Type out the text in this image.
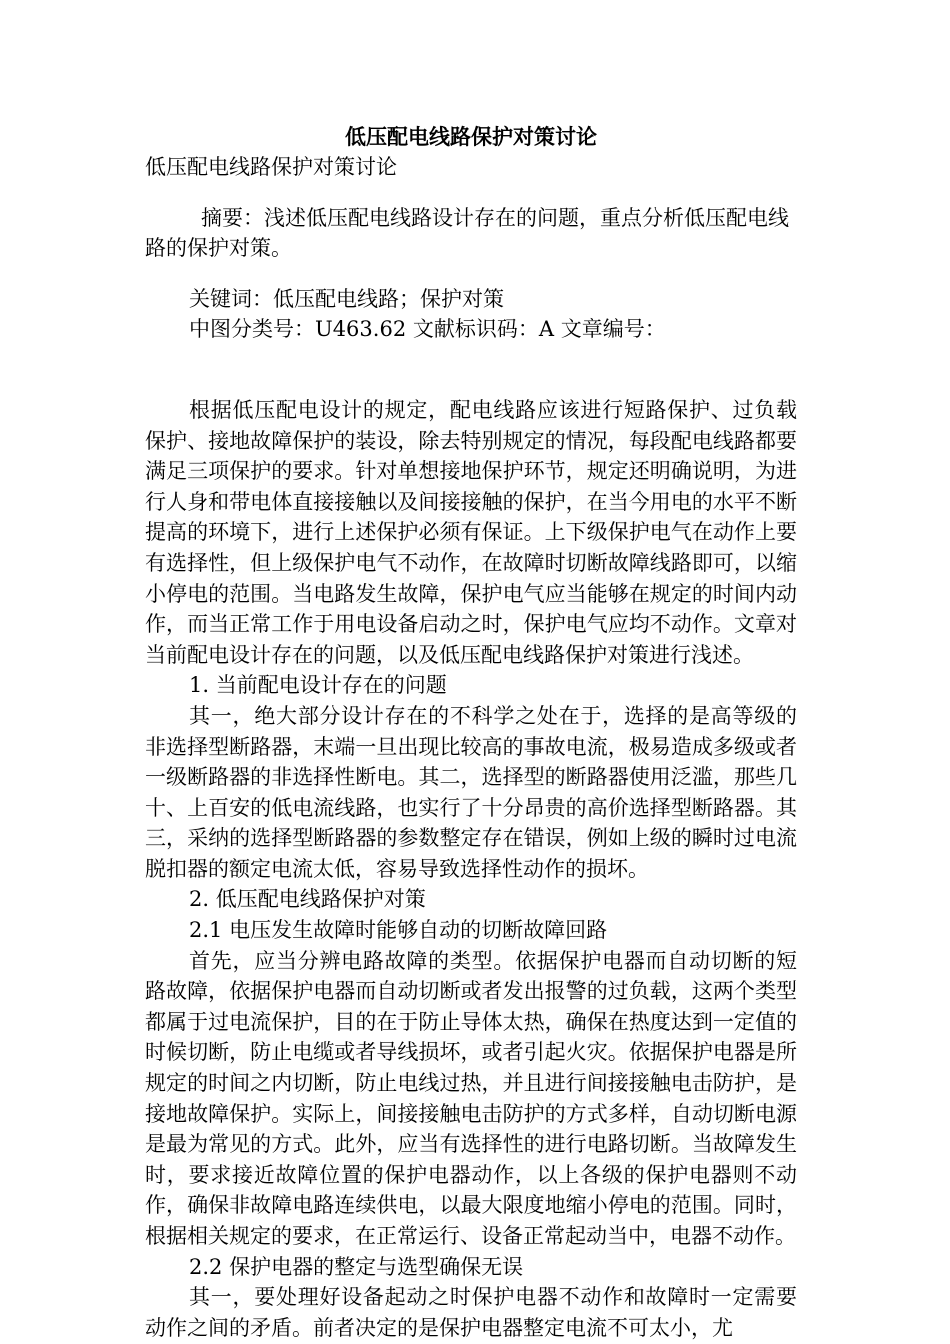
低压配电线路保护对策讨论

低压配电线路保护对策讨论

摘要：浅述低压配电线路设计存在的问题，重点分析低压配电线路的保护对策。

关键词：低压配电线路；保护对策

中图分类号：U463.62 文献标识码：A 文章编号：

根据低压配电设计的规定，配电线路应该进行短路保护、过负载保护、接地故障保护的装设，除去特别规定的情况，每段配电线路都要满足三项保护的要求。针对单想接地保护环节，规定还明确说明，为进行人身和带电体直接接触以及间接接触的保护，在当今用电的水平不断提高的环境下，进行上述保护必须有保证。上下级保护电气在动作上要有选择性，但上级保护电气不动作，在故障时切断故障线路即可，以缩小停电的范围。当电路发生故障，保护电气应当能够在规定的时间内动作，而当正常工作于用电设备启动之时，保护电气应均不动作。文章对当前配电设计存在的问题，以及低压配电线路保护对策进行浅述。

1. 当前配电设计存在的问题

其一，绝大部分设计存在的不科学之处在于，选择的是高等级的非选择型断路器，末端一旦出现比较高的事故电流，极易造成多级或者一级断路器的非选择性断电。其二，选择型的断路器使用泛滥，那些几十、上百安的低电流线路，也实行了十分昂贵的高价选择型断路器。其三，采纳的选择型断路器的参数整定存在错误，例如上级的瞬时过电流脱扣器的额定电流太低，容易导致选择性动作的损坏。

2. 低压配电线路保护对策

2.1 电压发生故障时能够自动的切断故障回路

首先，应当分辨电路故障的类型。依据保护电器而自动切断的短路故障，依据保护电器而自动切断或者发出报警的过负载，这两个类型都属于过电流保护，目的在于防止导体太热，确保在热度达到一定值的时候切断，防止电缆或者导线损坏，或者引起火灾。依据保护电器是所规定的时间之内切断，防止电线过热，并且进行间接接触电击防护，是接地故障保护。实际上，间接接触电击防护的方式多样，自动切断电源是最为常见的方式。此外，应当有选择性的进行电路切断。当故障发生时，要求接近故障位置的保护电器动作，以上各级的保护电器则不动作，确保非故障电路连续供电，以最大限度地缩小停电的范围。同时，根据相关规定的要求，在正常运行、设备正常起动当中，电器不动作。

2.2 保护电器的整定与选型确保无误

其一，要处理好设备起动之时保护电器不动作和故障时一定需要动作之间的矛盾。前者决定的是保护电器整定电流不可太小，尤
